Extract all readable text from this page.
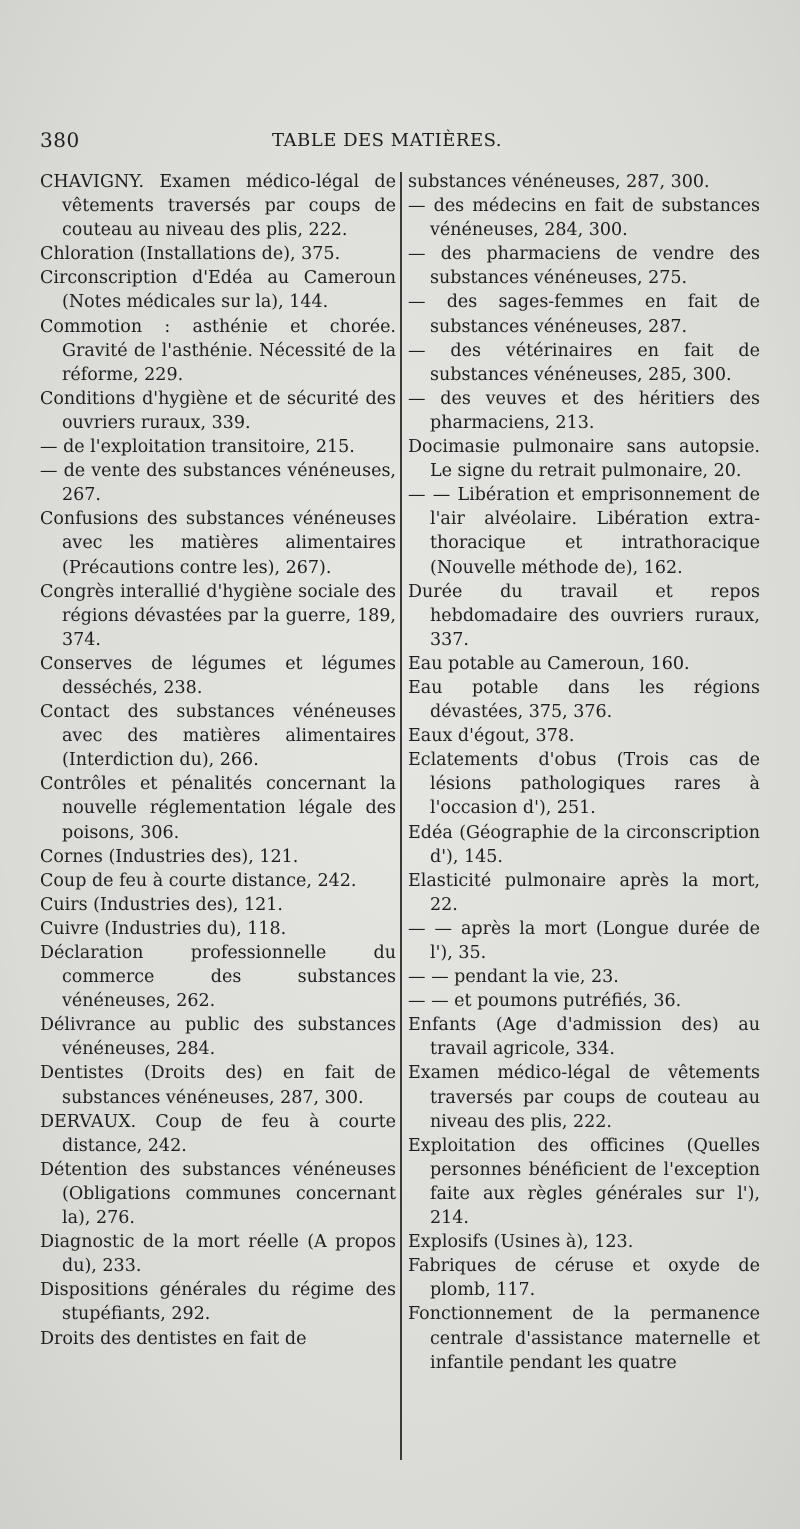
380	TABLE DES MATIÈRES.

CHAVIGNY. Examen médico-légal de vêtements traversés par coups de couteau au niveau des plis, 222.

Chloration (Installations de), 375.

Circonscription d'Edéa au Cameroun (Notes médicales sur la), 144.

Commotion : asthénie et chorée. Gravité de l'asthénie. Nécessité de la réforme, 229.

Conditions d'hygiène et de sécurité des ouvriers ruraux, 339.

— de l'exploitation transitoire, 215.

— de vente des substances vénéneuses, 267.

Confusions des substances vénéneuses avec les matières alimentaires (Précautions contre les), 267).

Congrès interallié d'hygiène sociale des régions dévastées par la guerre, 189, 374.

Conserves de légumes et légumes desséchés, 238.

Contact des substances vénéneuses avec des matières alimentaires (Interdiction du), 266.

Contrôles et pénalités concernant la nouvelle réglementation légale des poisons, 306.

Cornes (Industries des), 121.

Coup de feu à courte distance, 242.

Cuirs (Industries des), 121.

Cuivre (Industries du), 118.

Déclaration professionnelle du commerce des substances vénéneuses, 262.

Délivrance au public des substances vénéneuses, 284.

Dentistes (Droits des) en fait de substances vénéneuses, 287, 300.

DERVAUX. Coup de feu à courte distance, 242.

Détention des substances vénéneuses (Obligations communes concernant la), 276.

Diagnostic de la mort réelle (A propos du), 233.

Dispositions générales du régime des stupéfiants, 292.

Droits des dentistes en fait de

substances vénéneuses, 287, 300.

— des médecins en fait de substances vénéneuses, 284, 300.

— des pharmaciens de vendre des substances vénéneuses, 275.

— des sages-femmes en fait de substances vénéneuses, 287.

— des vétérinaires en fait de substances vénéneuses, 285, 300.

— des veuves et des héritiers des pharmaciens, 213.

Docimasie pulmonaire sans autopsie. Le signe du retrait pulmonaire, 20.

— — Libération et emprisonnement de l'air alvéolaire. Libération extra-thoracique et intrathoracique (Nouvelle méthode de), 162.

Durée du travail et repos hebdomadaire des ouvriers ruraux, 337.

Eau potable au Cameroun, 160.

Eau potable dans les régions dévastées, 375, 376.

Eaux d'égout, 378.

Eclatements d'obus (Trois cas de lésions pathologiques rares à l'occasion d'), 251.

Edéa (Géographie de la circonscription d'), 145.

Elasticité pulmonaire après la mort, 22.

— — après la mort (Longue durée de l'), 35.

— — pendant la vie, 23.

— — et poumons putréfiés, 36.

Enfants (Age d'admission des) au travail agricole, 334.

Examen médico-légal de vêtements traversés par coups de couteau au niveau des plis, 222.

Exploitation des officines (Quelles personnes bénéficient de l'exception faite aux règles générales sur l'), 214.

Explosifs (Usines à), 123.

Fabriques de céruse et oxyde de plomb, 117.

Fonctionnement de la permanence centrale d'assistance maternelle et infantile pendant les quatre
